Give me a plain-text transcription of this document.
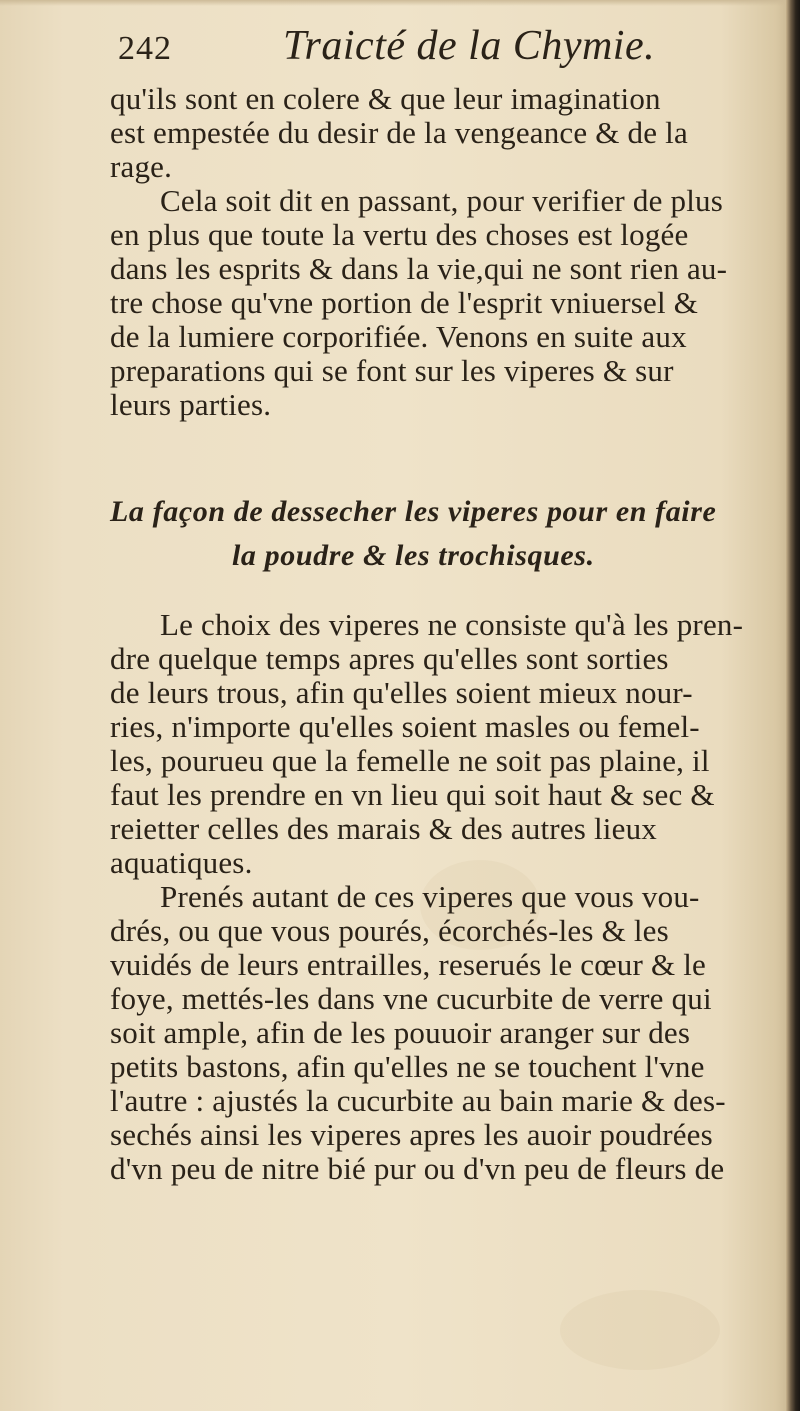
242	Traicté de la Chymie.
qu'ils sont en colere & que leur imagination
est empestée du desir de la vengeance & de la
rage.
Cela soit dit en passant, pour verifier de plus
en plus que toute la vertu des choses est logée
dans les esprits & dans la vie,qui ne sont rien au-
tre chose qu'vne portion de l'esprit vniuersel &
de la lumiere corporifiée. Venons en suite aux
preparations qui se font sur les viperes & sur
leurs parties.
La façon de dessecher les viperes pour en faire
la poudre & les trochisques.
Le choix des viperes ne consiste qu'à les pren-
dre quelque temps apres qu'elles sont sorties
de leurs trous, afin qu'elles soient mieux nour-
ries, n'importe qu'elles soient masles ou femel-
les, pourueu que la femelle ne soit pas plaine, il
faut les prendre en vn lieu qui soit haut & sec &
reietter celles des marais & des autres lieux
aquatiques.
Prenés autant de ces viperes que vous vou-
drés, ou que vous pourés, écorchés-les & les
vuidés de leurs entrailles, reserués le cœur & le
foye, mettés-les dans vne cucurbite de verre qui
soit ample, afin de les pouuoir aranger sur des
petits bastons, afin qu'elles ne se touchent l'vne
l'autre : ajustés la cucurbite au bain marie & des-
sechés ainsi les viperes apres les auoir poudrées
d'vn peu de nitre bié pur ou d'vn peu de fleurs de
